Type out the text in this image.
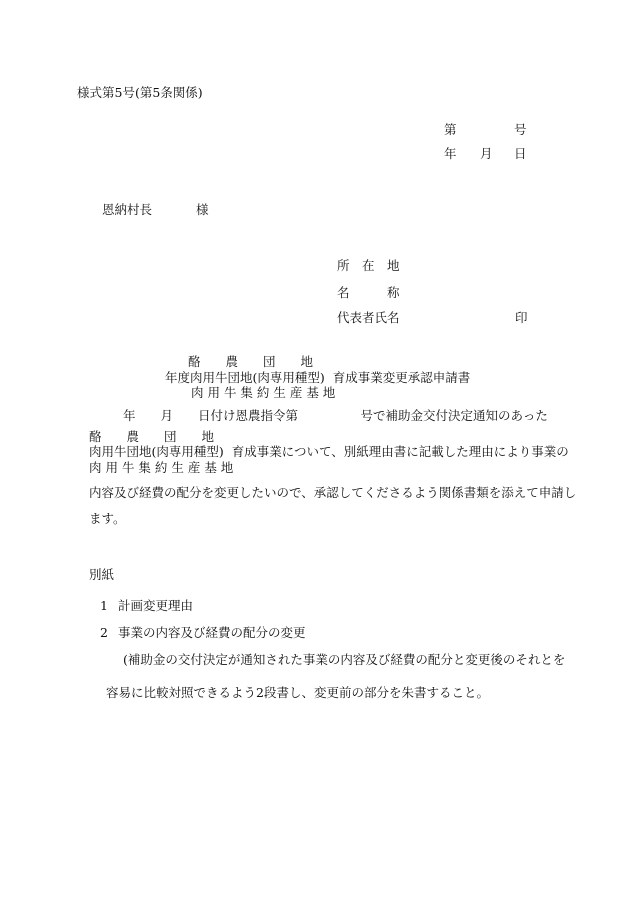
様式第5号(第5条関係)
第	号
年 月 日
恩納村長	様
所　在　地
名　　　称
代表者氏名	印
酪　　農　　団　　地
年度肉用牛団地(肉専用種型)  育成事業変更承認申請書
肉 用 牛 集 約 生 産 基 地
年　　月　　日付け恩農指令第　　　　　号で補助金交付決定通知のあった
酪　　農　　団　　地
肉用牛団地(肉専用種型)  育成事業について、別紙理由書に記載した理由により事業の
肉 用 牛 集 約 生 産 基 地
内容及び経費の配分を変更したいので、承認してくださるよう関係書類を添えて申請し
ます。
別紙
1 計画変更理由
2 事業の内容及び経費の配分の変更
(補助金の交付決定が通知された事業の内容及び経費の配分と変更後のそれとを
容易に比較対照できるよう2段書し、変更前の部分を朱書すること。
